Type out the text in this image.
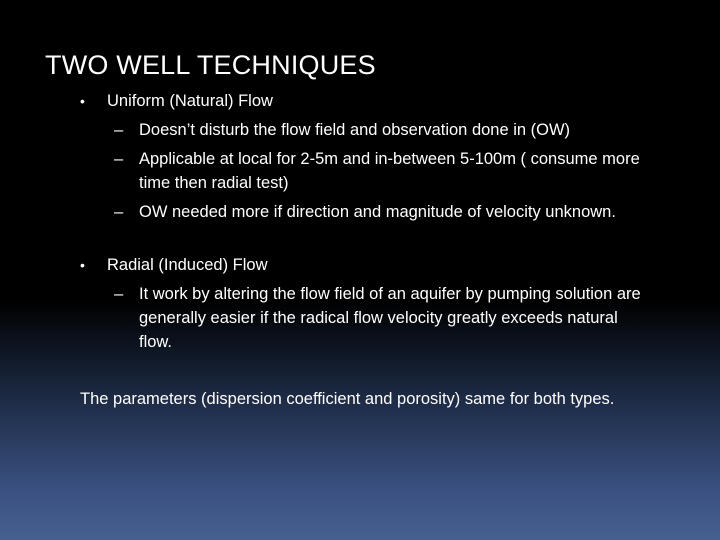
TWO WELL TECHNIQUES
• Uniform (Natural) Flow
– Doesn’t disturb the flow field and observation done in (OW)
– Applicable at local for 2-5m and in-between 5-100m ( consume more time then radial test)
– OW needed more if direction and magnitude of velocity unknown.
• Radial (Induced) Flow
– It work by altering the flow field of an aquifer by pumping solution are generally easier if the radical flow velocity greatly exceeds natural flow.
The parameters (dispersion coefficient and porosity) same for both types.
